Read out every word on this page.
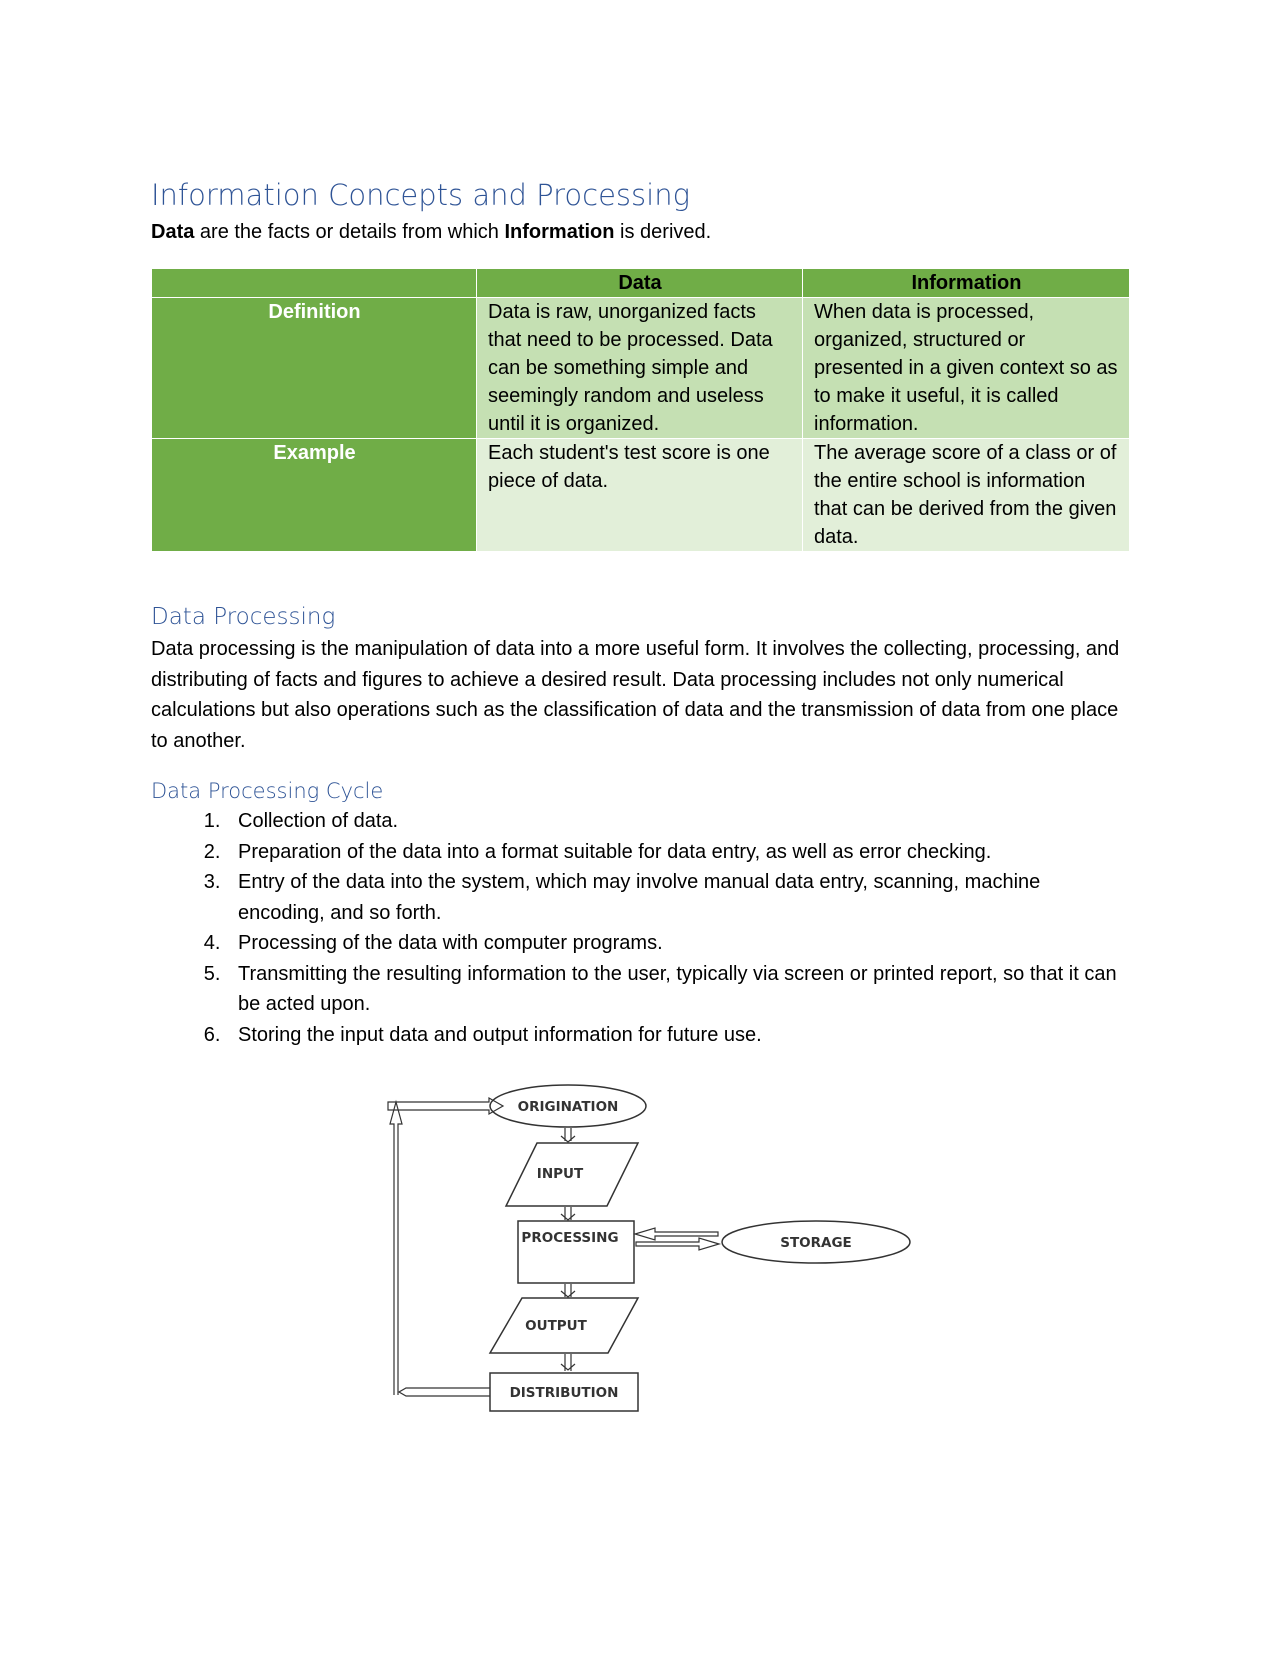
Information Concepts and Processing

Data are the facts or details from which Information is derived.

	Data	Information
Definition	Data is raw, unorganized facts that need to be processed. Data can be something simple and seemingly random and useless until it is organized.	When data is processed, organized, structured or presented in a given context so as to make it useful, it is called information.
Example	Each student's test score is one piece of data.	The average score of a class or of the entire school is information that can be derived from the given data.
Data Processing

Data processing is the manipulation of data into a more useful form. It involves the collecting, processing, and distributing of facts and figures to achieve a desired result. Data processing includes not only numerical calculations but also operations such as the classification of data and the transmission of data from one place to another.

Data Processing Cycle
1. Collection of data.
2. Preparation of the data into a format suitable for data entry, as well as error checking.
3. Entry of the data into the system, which may involve manual data entry, scanning, machine encoding, and so forth.
4. Processing of the data with computer programs.
5. Transmitting the resulting information to the user, typically via screen or printed report, so that it can be acted upon.
6. Storing the input data and output information for future use.
ORIGINATION
INPUT
PROCESSING
OUTPUT
DISTRIBUTION
STORAGE
